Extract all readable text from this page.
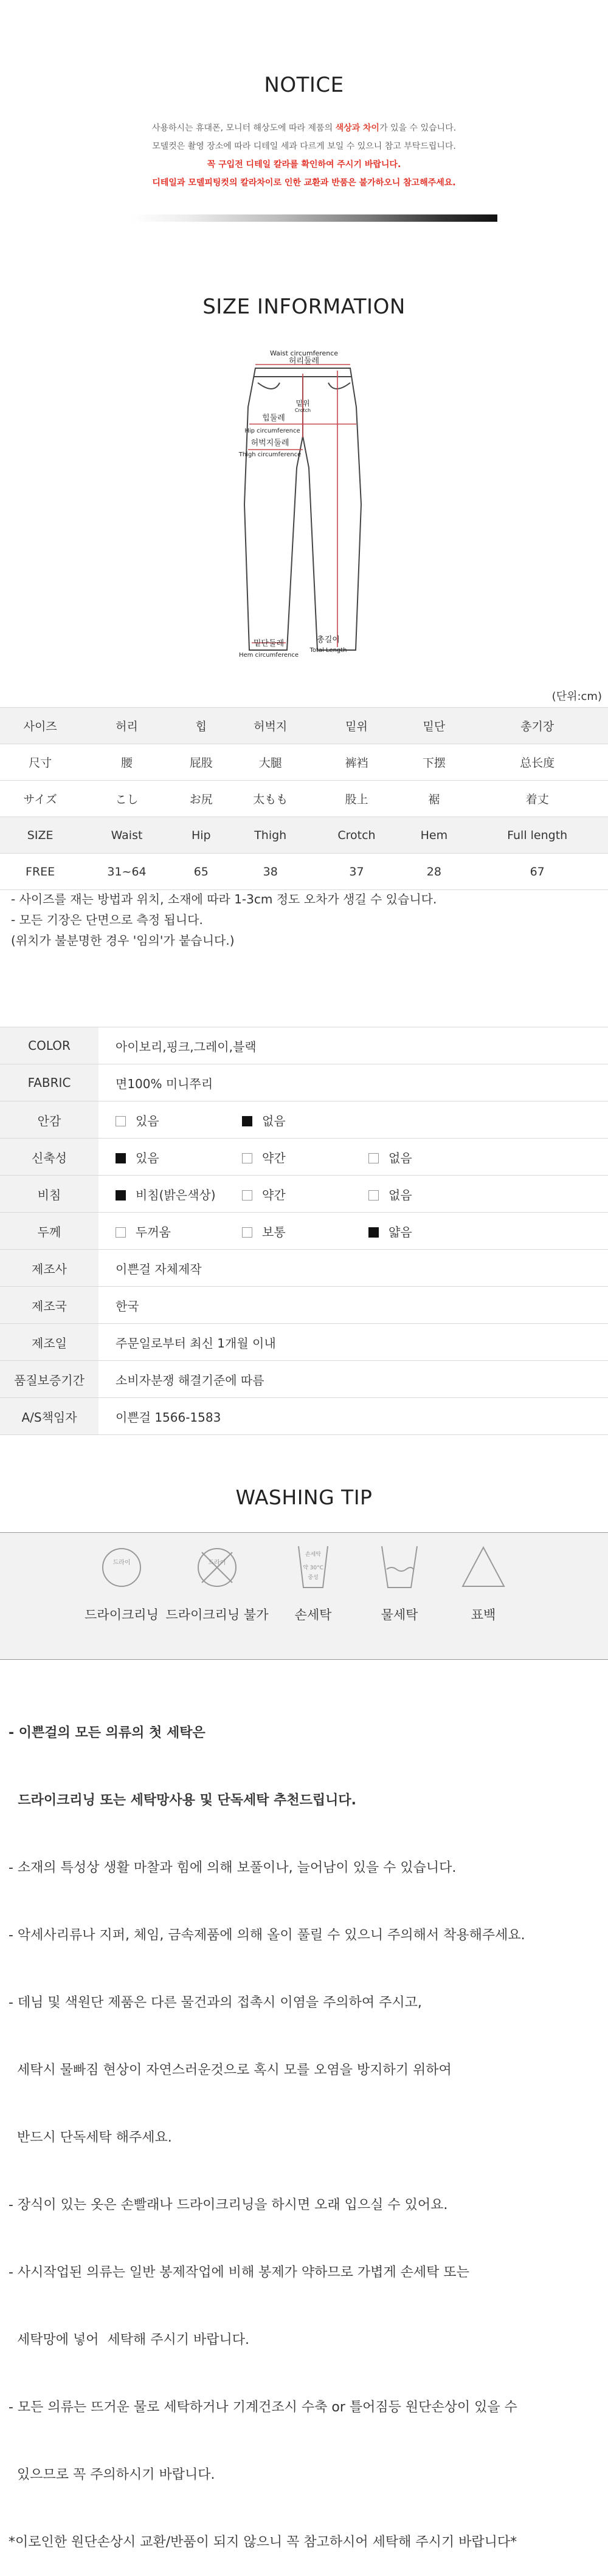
NOTICE
사용하시는 휴대폰, 모니터 해상도에 따라 제품의 색상과 차이가 있을 수 있습니다.
모델컷은 촬영 장소에 따라 디테일 세과 다르게 보일 수 있으니 참고 부탁드립니다.
꼭 구입전 디테일 칼라를 확인하여 주시기 바랍니다.
디테일과 모델피팅컷의 칼라차이로 인한 교환과 반품은 불가하오니 참고해주세요.
SIZE INFORMATION
Waist circumference
허리둘레
밑위
Crotch
힙둘레
Hip circumference
허벅지둘레
Thigh circumference
밑단둘레
Hem circumference
총길이
Total Length
(단위:cm)
사이즈	허리	힙	허벅지	밑위	밑단	총기장
尺寸	腰	屁股	大腿	裤裆	下摆	总长度
サイズ	こし	お尻	太もも	股上	裾	着丈
SIZE	Waist	Hip	Thigh	Crotch	Hem	Full length
FREE	31~64	65	38	37	28	67
- 사이즈를 재는 방법과 위치, 소재에 따라 1-3cm 정도 오차가 생길 수 있습니다.
- 모든 기장은 단면으로 측정 됩니다.
(위치가 불분명한 경우 '임의'가 붙습니다.)
COLOR	아이보리,핑크,그레이,블랙
FABRIC	면100% 미니쭈리
안감	있음 없음
신축성	있음 약간 없음
비침	비침(밝은색상) 약간 없음
두께	두꺼움 보통 얇음
제조사	이쁜걸 자체제작
제조국	한국
제조일	주문일로부터 최신 1개월 이내
품질보증기간	소비자분쟁 해결기준에 따름
A/S책임자	이쁜걸 1566-1583
WASHING TIP
드라이	드라이
손세탁
약 30°C
중성
드라이크리닝 드라이크리닝 불가	손세탁	물세탁	표백

- 이쁜걸의 모든 의류의 첫 세탁은

드라이크리닝 또는 세탁망사용 및 단독세탁 추천드립니다.

- 소재의 특성상 생활 마찰과 힘에 의해 보풀이나, 늘어남이 있을 수 있습니다.

- 악세사리류나 지퍼, 체임, 금속제품에 의해 올이 풀릴 수 있으니 주의해서 착용해주세요.

- 데님 및 색원단 제품은 다른 물건과의 접촉시 이염을 주의하여 주시고,

세탁시 물빠짐 현상이 자연스러운것으로 혹시 모를 오염을 방지하기 위하여

반드시 단독세탁 해주세요.

- 장식이 있는 옷은 손빨래나 드라이크리닝을 하시면 오래 입으실 수 있어요.

- 사시작업된 의류는 일반 봉제작업에 비해 봉제가 약하므로 가볍게 손세탁 또는

세탁망에 넣어  세탁해 주시기 바랍니다.

- 모든 의류는 뜨거운 물로 세탁하거나 기계건조시 수축 or 틀어짐등 원단손상이 있을 수

있으므로 꼭 주의하시기 바랍니다.

*이로인한 원단손상시 교환/반품이 되지 않으니 꼭 참고하시어 세탁해 주시기 바랍니다*
